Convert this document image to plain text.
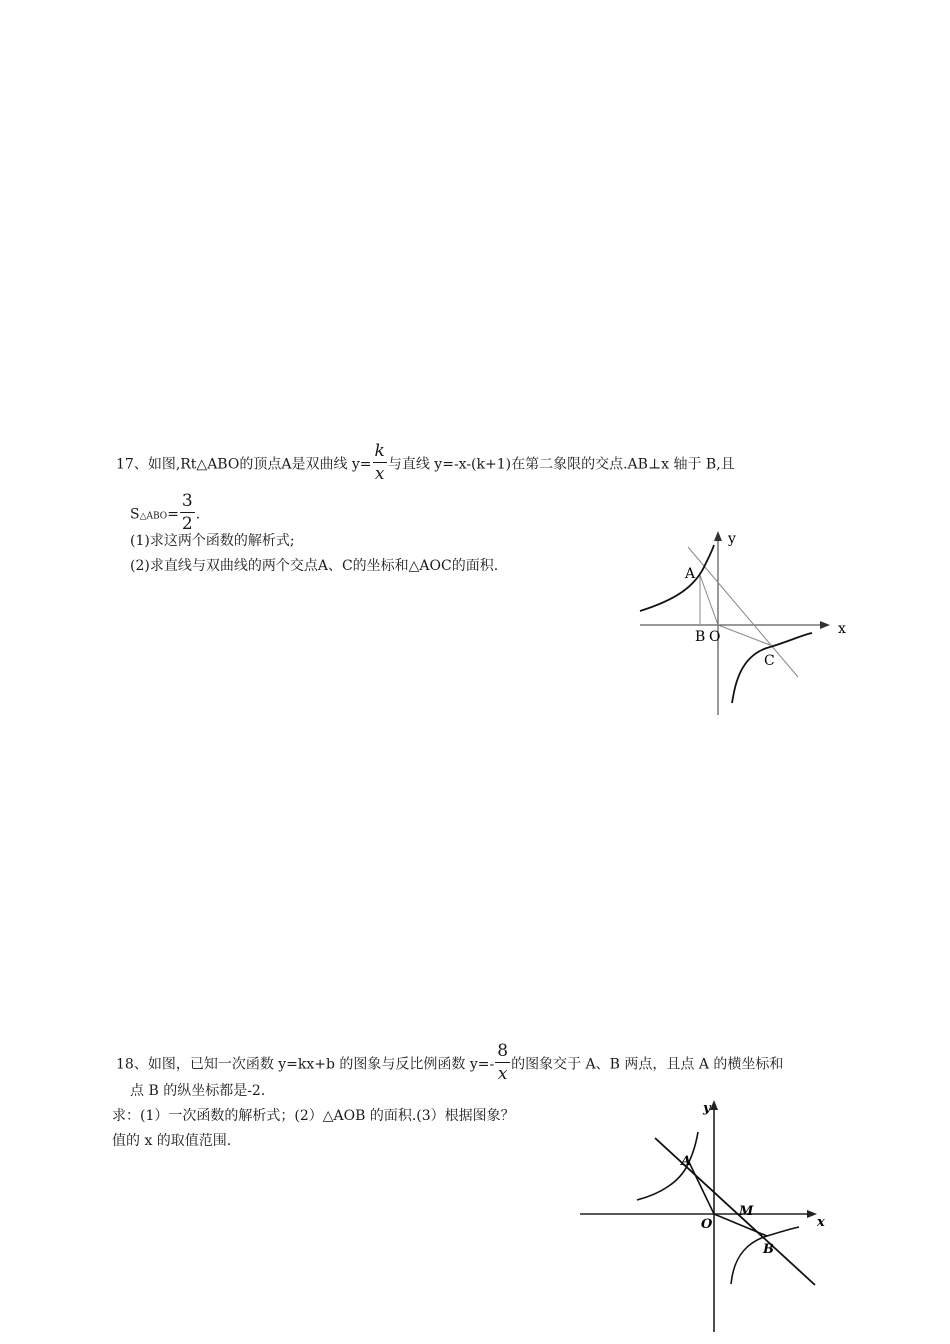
17、如图,Rt△ABO的顶点A是双曲线 $y= \frac{k}{x}$ 与直线 y=-x-(k+1)在第二象限的交点.AB⊥x 轴于 B,且
S△ABO= $\frac{3}{2}$ .
(1)求这两个函数的解析式;
(2)求直线与双曲线的两个交点A、C的坐标和△AOC的面积.
y
x
A
B O
C
18、如图，已知一次函数 y=kx+b 的图象与反比例函数 $y=- \frac{8}{x}$ 的图象交于 A、B 两点，且点 A 的横坐标和
点 B 的纵坐标都是-2.
求：(1）一次函数的解析式；(2）△AOB 的面积.(3）根据图象？
值的 x 的取值范围.
y
x
A
O
M
B
